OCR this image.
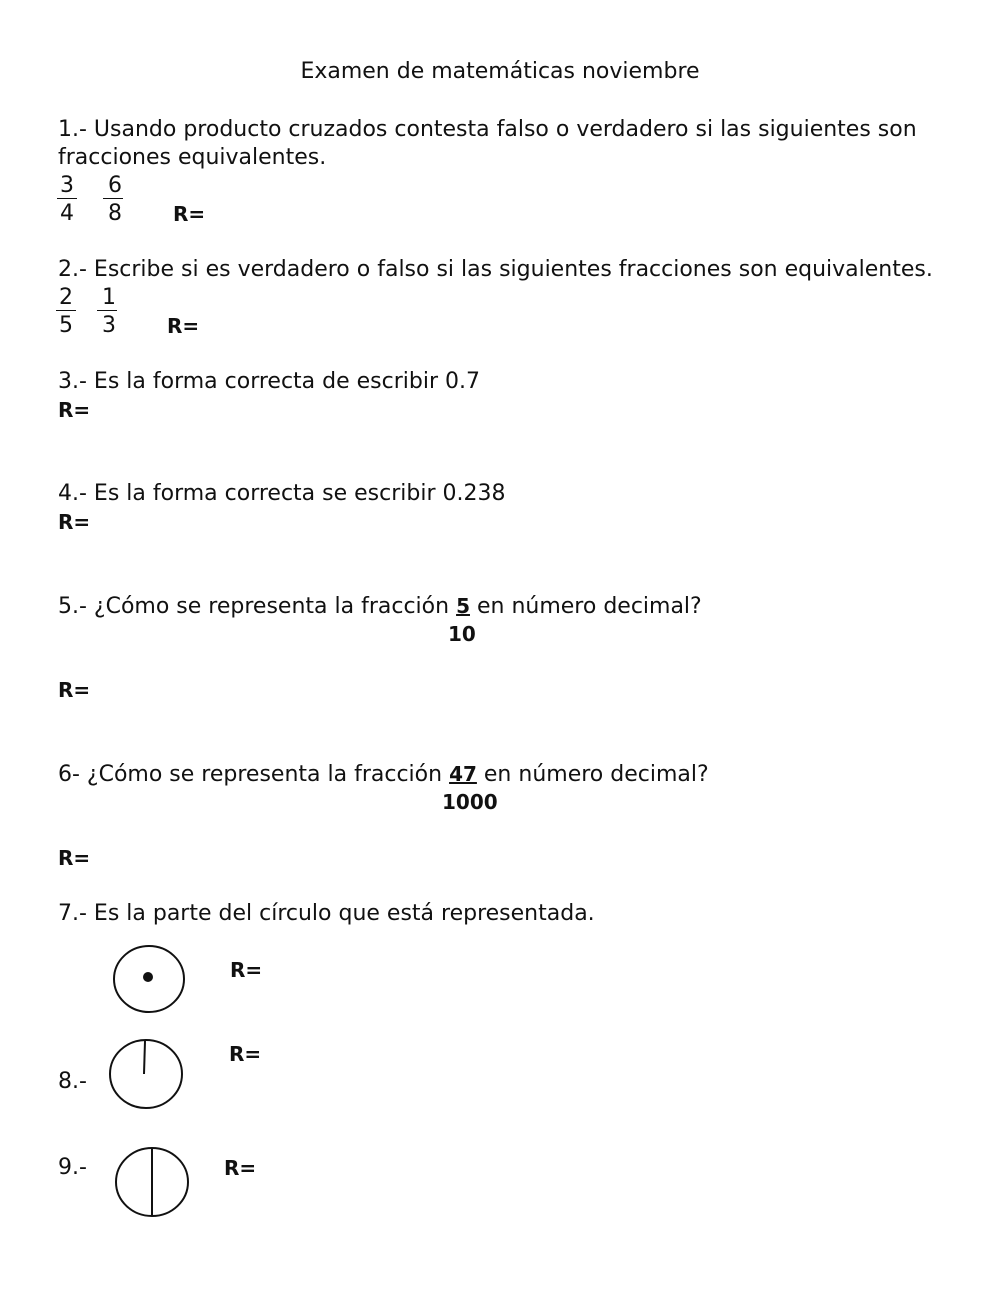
Examen de matemáticas noviembre
1.- Usando producto cruzados contesta falso o verdadero si las siguientes son
fracciones equivalentes.
3
4
6
8	R=
2.- Escribe si es verdadero o falso si las siguientes fracciones son equivalentes.
2
5
1
3	R=
3.- Es la forma correcta de escribir 0.7
R=
4.- Es la forma correcta se escribir 0.238
R=
5.- ¿Cómo se representa la fracción 5 en número decimal?
10
R=
6- ¿Cómo se representa la fracción 47 en número decimal?
1000
R=
7.- Es la parte del círculo que está representada.
R=
8.-
R=
9.-	R=
